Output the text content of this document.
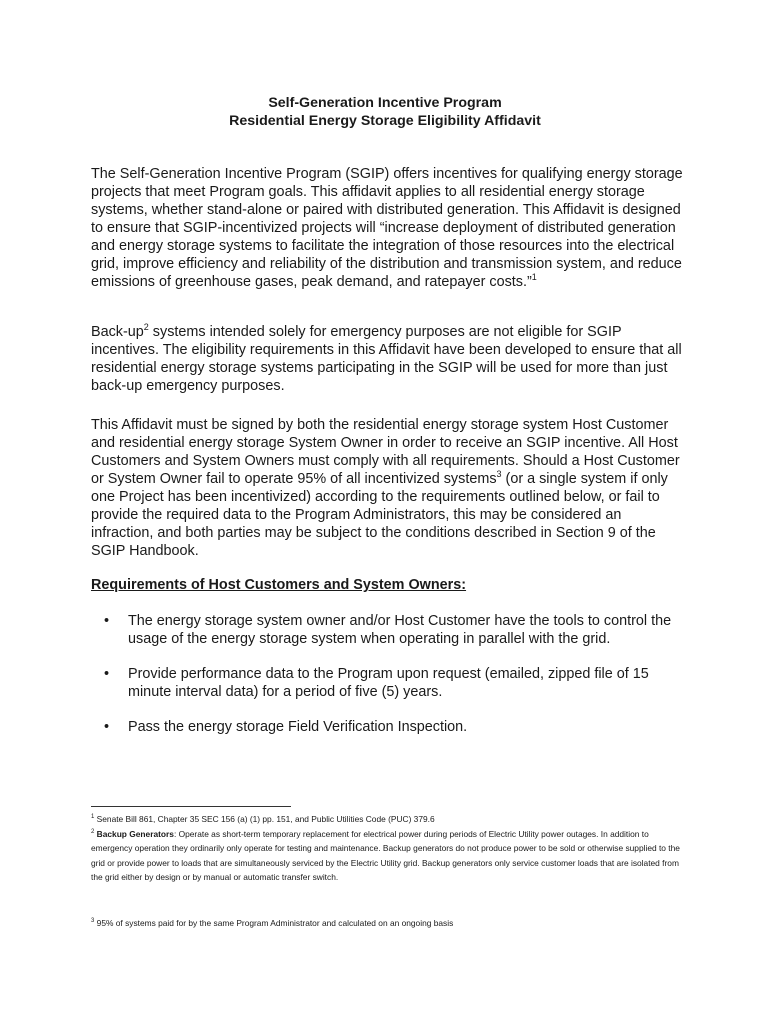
Self-Generation Incentive Program
Residential Energy Storage Eligibility Affidavit
The Self-Generation Incentive Program (SGIP) offers incentives for qualifying energy storage projects that meet Program goals. This affidavit applies to all residential energy storage systems, whether stand-alone or paired with distributed generation. This Affidavit is designed to ensure that SGIP-incentivized projects will “increase deployment of distributed generation and energy storage systems to facilitate the integration of those resources into the electrical grid, improve efficiency and reliability of the distribution and transmission system, and reduce emissions of greenhouse gases, peak demand, and ratepayer costs.”$^1$
Back-$up^2$ systems intended solely for emergency purposes are not eligible for SGIP incentives. The eligibility requirements in this Affidavit have been developed to ensure that all residential energy storage systems participating in the SGIP will be used for more than just back-up emergency purposes.
This Affidavit must be signed by both the residential energy storage system Host Customer and residential energy storage System Owner in order to receive an SGIP incentive. All Host Customers and System Owners must comply with all requirements. Should a Host Customer or System Owner fail to operate 95% of all incentivized systems$^3$ (or a single system if only one Project has been incentivized) according to the requirements outlined below, or fail to provide the required data to the Program Administrators, this may be considered an infraction, and both parties may be subject to the conditions described in Section 9 of the SGIP Handbook.
Requirements of Host Customers and System Owners:
• The energy storage system owner and/or Host Customer have the tools to control the usage of the energy storage system when operating in parallel with the grid.
• Provide performance data to the Program upon request (emailed, zipped file of 15 minute interval data) for a period of five (5) years.
• Pass the energy storage Field Verification Inspection.
$^1$ Senate Bill 861, Chapter 35 SEC 156 (a) (1) pp. 151, and Public Utilities Code (PUC) 379.6
$^2$ Backup Generators: Operate as short-term temporary replacement for electrical power during periods of Electric Utility power outages. In addition to emergency operation they ordinarily only operate for testing and maintenance. Backup generators do not produce power to be sold or otherwise supplied to the grid or provide power to loads that are simultaneously serviced by the Electric Utility grid. Backup generators only service customer loads that are isolated from the grid either by design or by manual or automatic transfer switch.
$^3$ 95% of systems paid for by the same Program Administrator and calculated on an ongoing basis
